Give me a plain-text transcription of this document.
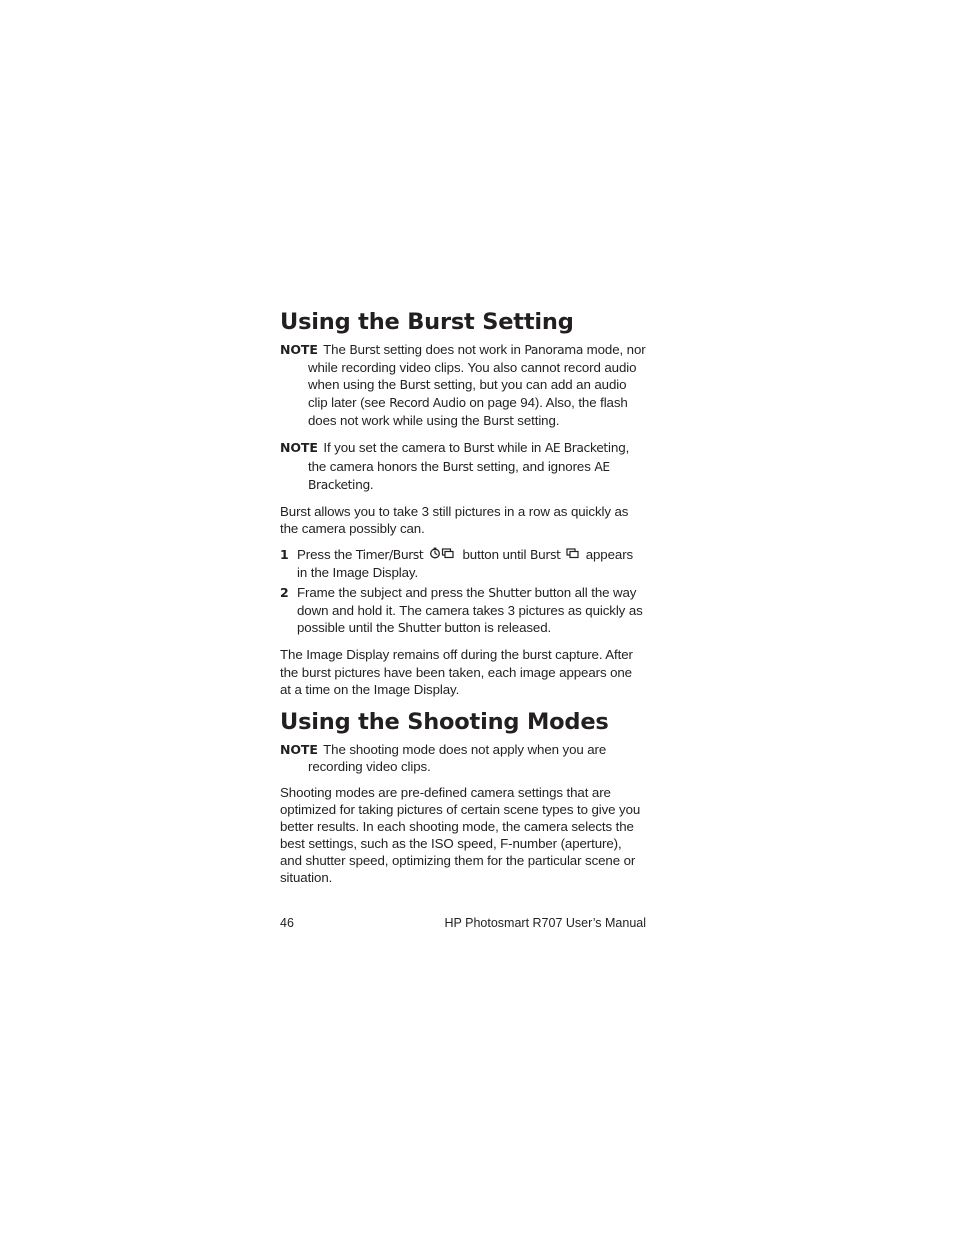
Using the Burst Setting
NOTE The Burst setting does not work in Panorama mode, nor while recording video clips. You also cannot record audio when using the Burst setting, but you can add an audio clip later (see Record Audio on page 94). Also, the flash does not work while using the Burst setting.
NOTE If you set the camera to Burst while in AE Bracketing, the camera honors the Burst setting, and ignores AE Bracketing.

Burst allows you to take 3 still pictures in a row as quickly as the camera possibly can.

1 Press the Timer/Burst	button until Burst appears in the Image Display.
2 Frame the subject and press the Shutter button all the way down and hold it. The camera takes 3 pictures as quickly as possible until the Shutter button is released.

The Image Display remains off during the burst capture. After the burst pictures have been taken, each image appears one at a time on the Image Display.

Using the Shooting Modes
NOTE The shooting mode does not apply when you are recording video clips.

Shooting modes are pre-defined camera settings that are optimized for taking pictures of certain scene types to give you better results. In each shooting mode, the camera selects the best settings, such as the ISO speed, F-number (aperture), and shutter speed, optimizing them for the particular scene or situation.

46	HP Photosmart R707 User’s Manual
